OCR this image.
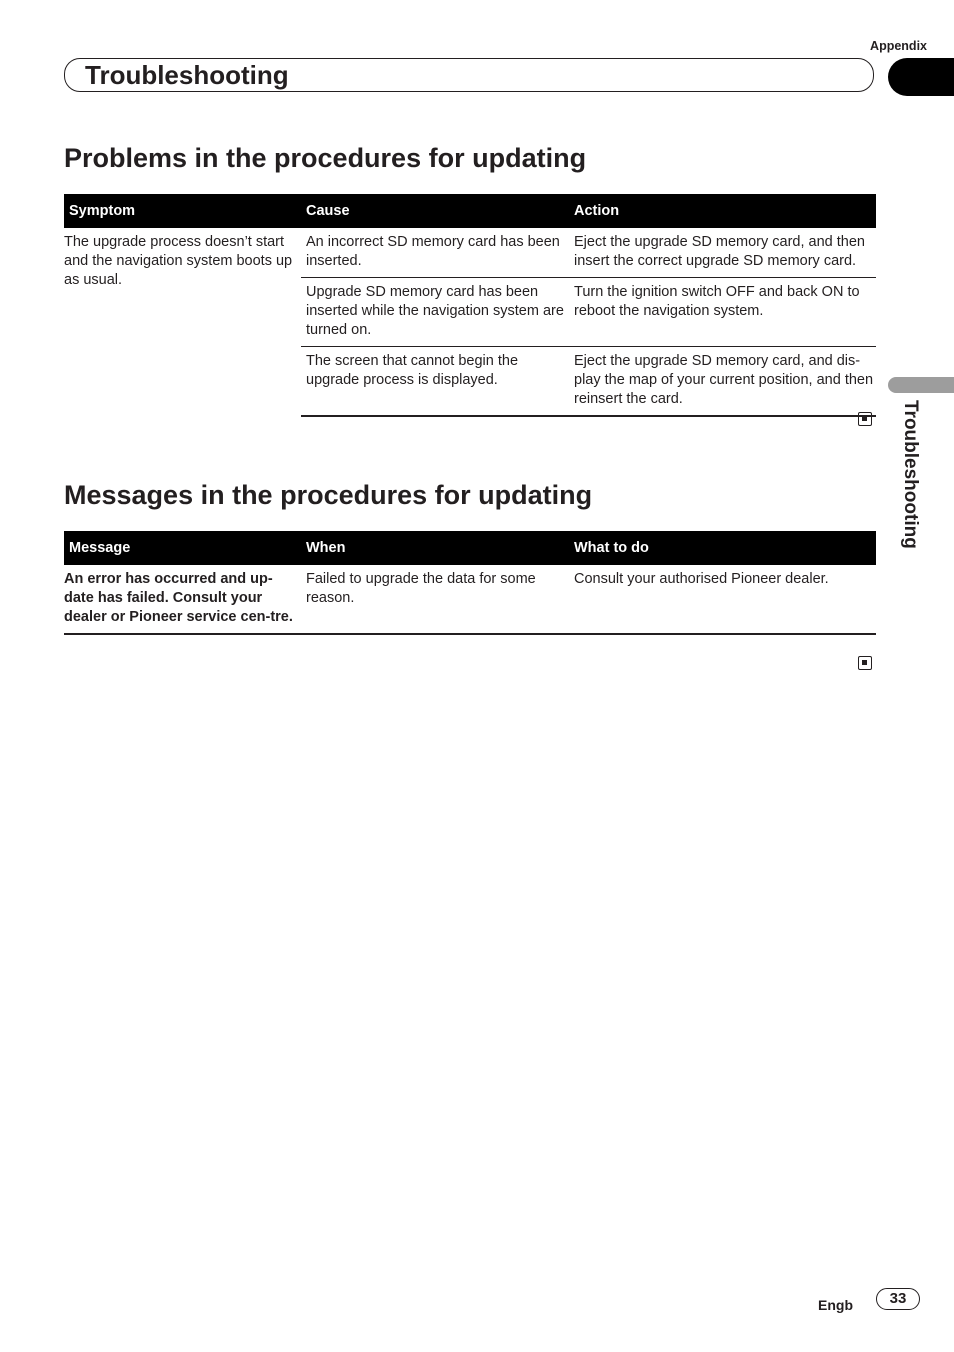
Appendix
Troubleshooting
Troubleshooting
Problems in the procedures for updating
Symptom	Cause	Action
The upgrade process doesn’t start and the navigation system boots up as usual.	An incorrect SD memory card has been inserted.	Eject the upgrade SD memory card, and then insert the correct upgrade SD memory card.
	Upgrade SD memory card has been inserted while the navigation system are turned on.	Turn the ignition switch OFF and back ON to reboot the navigation system.
	The screen that cannot begin the upgrade process is displayed.	Eject the upgrade SD memory card, and dis-play the map of your current position, and then reinsert the card.
Messages in the procedures for updating
Message	When	What to do
An error has occurred and up-date has failed. Consult your dealer or Pioneer service cen-tre.	Failed to upgrade the data for some reason.	Consult your authorised Pioneer dealer.
Engb	33
